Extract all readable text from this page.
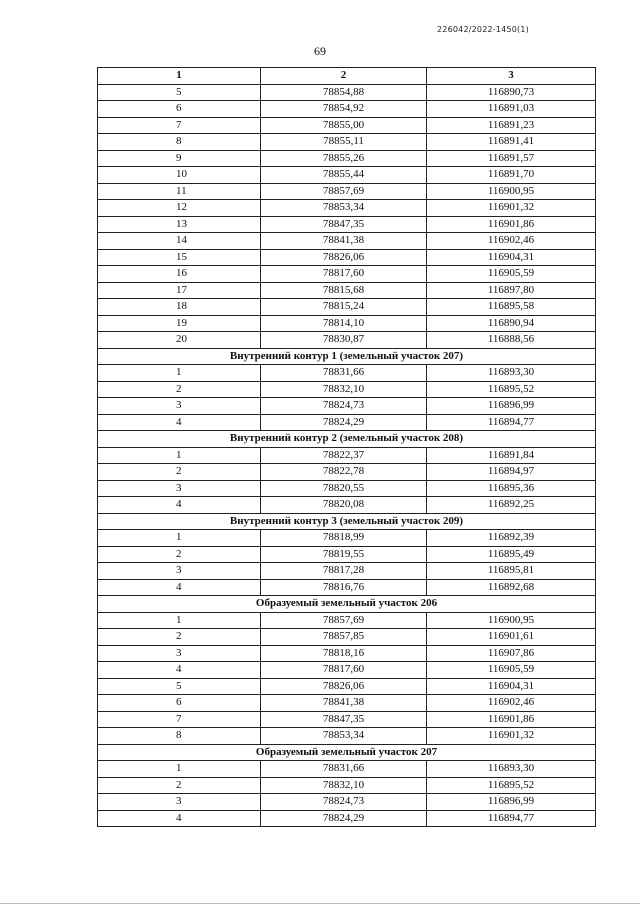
226042/2022-1450(1)
69
1	2	3
5	78854,88	116890,73
6	78854,92	116891,03
7	78855,00	116891,23
8	78855,11	116891,41
9	78855,26	116891,57
10	78855,44	116891,70
11	78857,69	116900,95
12	78853,34	116901,32
13	78847,35	116901,86
14	78841,38	116902,46
15	78826,06	116904,31
16	78817,60	116905,59
17	78815,68	116897,80
18	78815,24	116895,58
19	78814,10	116890,94
20	78830,87	116888,56
Внутренний контур 1 (земельный участок 207)		
1	78831,66	116893,30
2	78832,10	116895,52
3	78824,73	116896,99
4	78824,29	116894,77
Внутренний контур 2 (земельный участок 208)		
1	78822,37	116891,84
2	78822,78	116894,97
3	78820,55	116895,36
4	78820,08	116892,25
Внутренний контур 3 (земельный участок 209)		
1	78818,99	116892,39
2	78819,55	116895,49
3	78817,28	116895,81
4	78816,76	116892,68
Образуемый земельный участок 206		
1	78857,69	116900,95
2	78857,85	116901,61
3	78818,16	116907,86
4	78817,60	116905,59
5	78826,06	116904,31
6	78841,38	116902,46
7	78847,35	116901,86
8	78853,34	116901,32
Образуемый земельный участок 207		
1	78831,66	116893,30
2	78832,10	116895,52
3	78824,73	116896,99
4	78824,29	116894,77
